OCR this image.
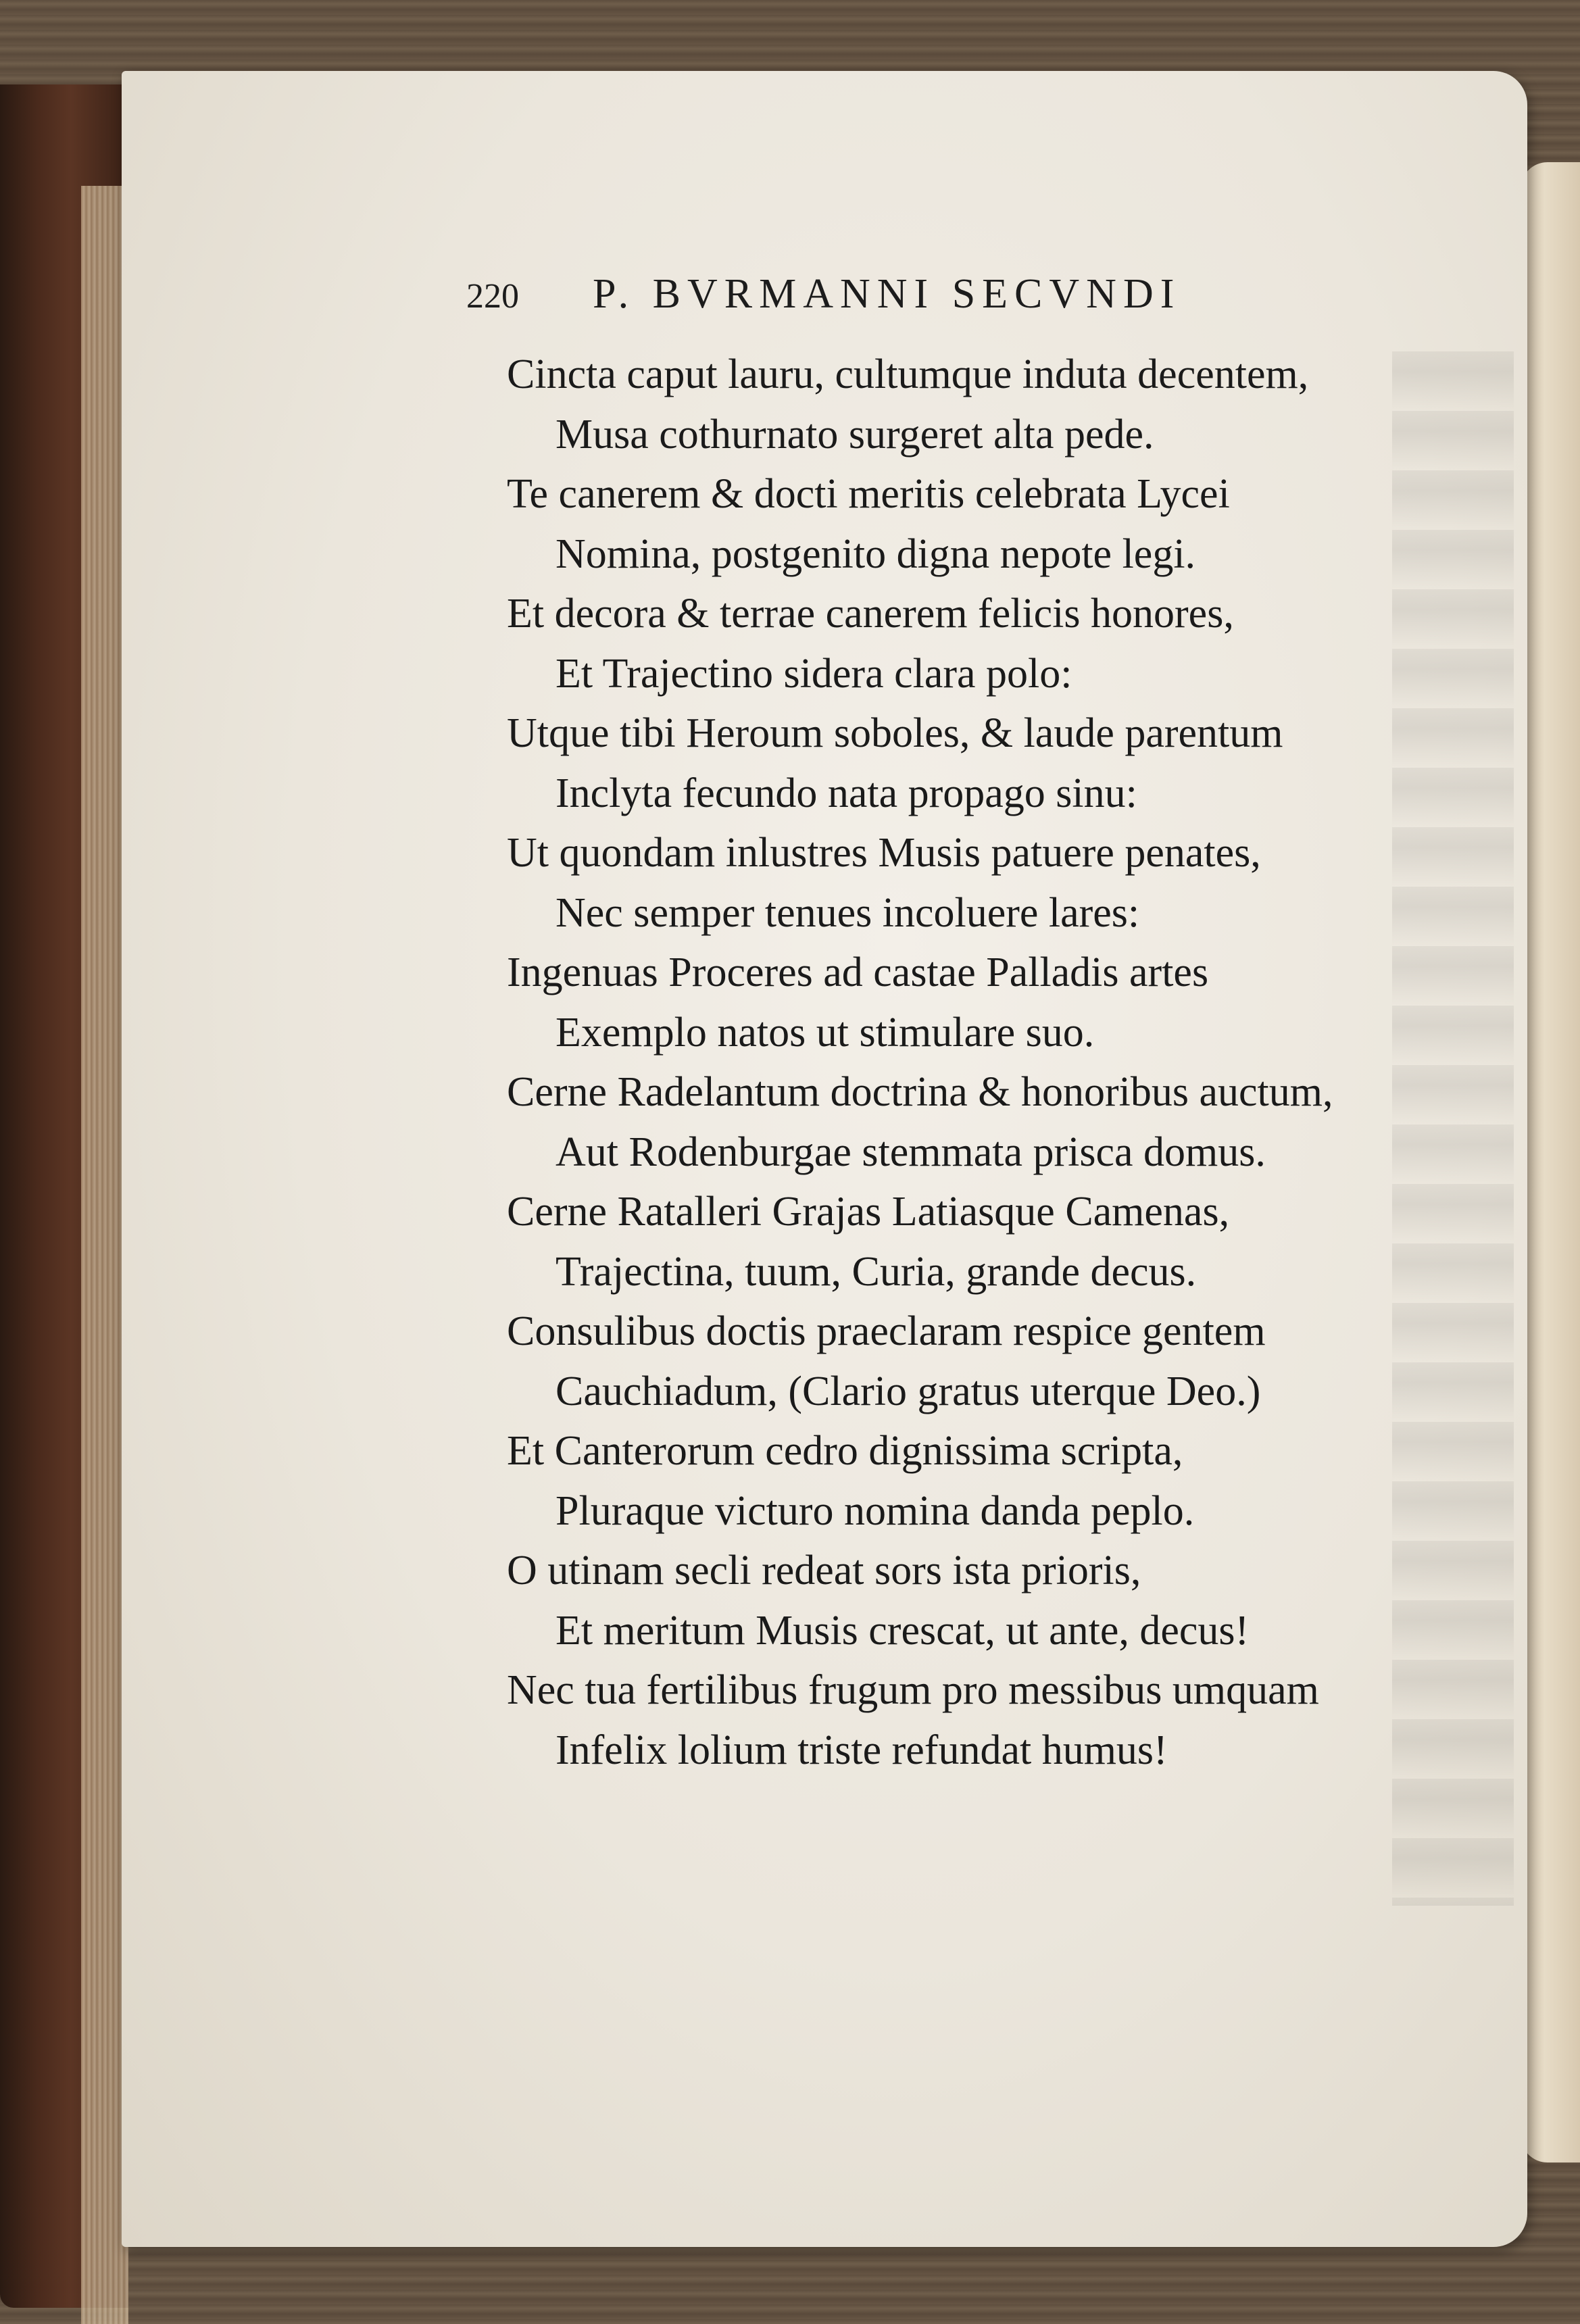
220 P. BVRMANNI SECVNDI
Cincta caput lauru, cultumque induta decentem,
Musa cothurnato surgeret alta pede.
Te canerem & docti meritis celebrata Lycei
Nomina, postgenito digna nepote legi.
Et decora & terrae canerem felicis honores,
Et Trajectino sidera clara polo:
Utque tibi Heroum soboles, & laude parentum
Inclyta fecundo nata propago sinu:
Ut quondam inlustres Musis patuere penates,
Nec semper tenues incoluere lares:
Ingenuas Proceres ad castae Palladis artes
Exemplo natos ut stimulare suo.
Cerne Radelantum doctrina & honoribus auctum,
Aut Rodenburgae stemmata prisca domus.
Cerne Ratalleri Grajas Latiasque Camenas,
Trajectina, tuum, Curia, grande decus.
Consulibus doctis praeclaram respice gentem
Cauchiadum, (Clario gratus uterque Deo.)
Et Canterorum cedro dignissima scripta,
Pluraque victuro nomina danda peplo.
O utinam secli redeat sors ista prioris,
Et meritum Musis crescat, ut ante, decus!
Nec tua fertilibus frugum pro messibus umquam
Infelix lolium triste refundat humus!
